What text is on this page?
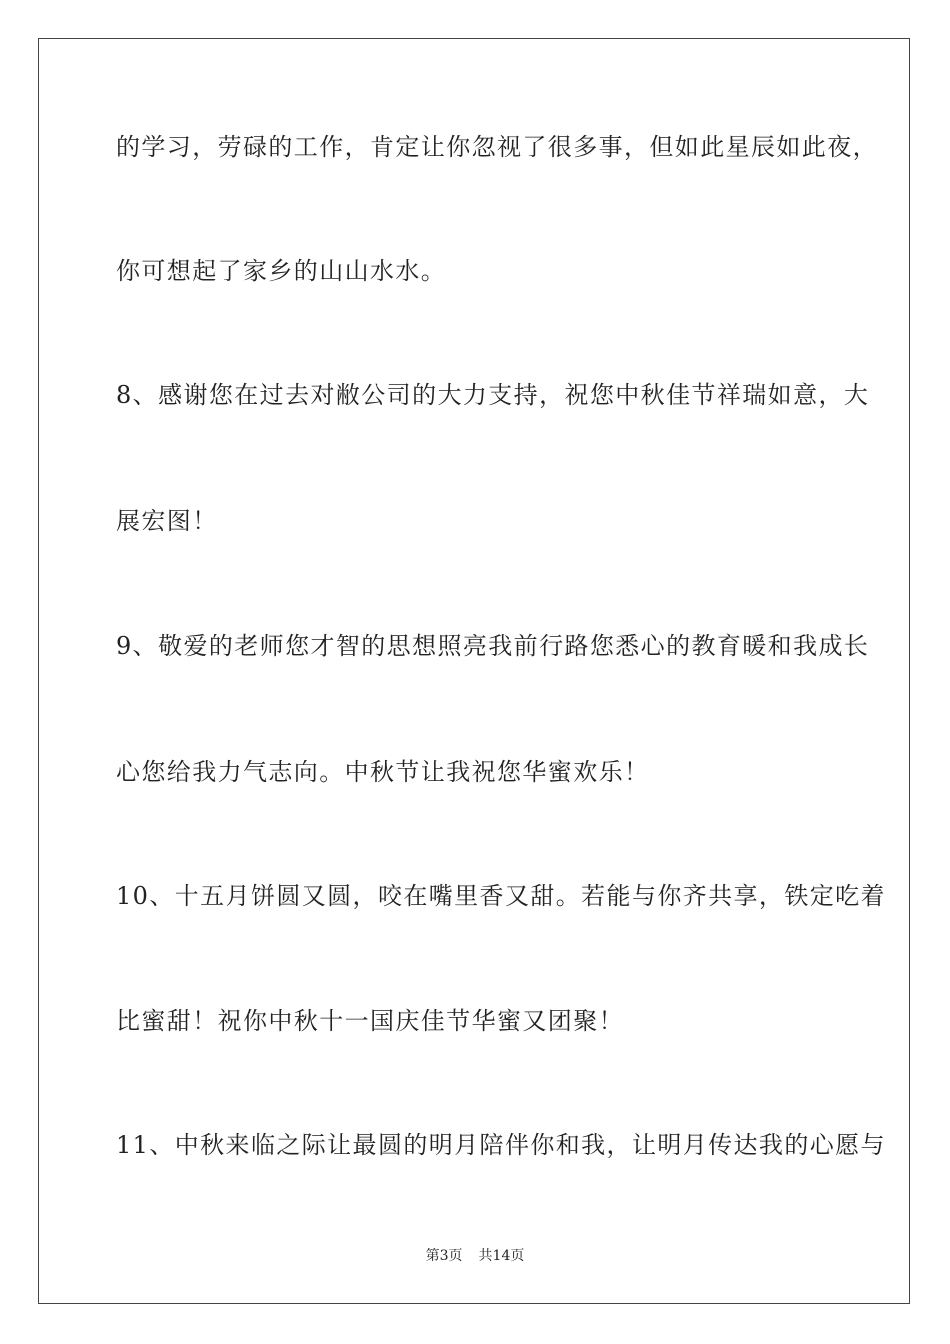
的学习，劳碌的工作，肯定让你忽视了很多事，但如此星辰如此夜，
你可想起了家乡的山山水水。
8、感谢您在过去对敝公司的大力支持，祝您中秋佳节祥瑞如意，大
展宏图！
9、敬爱的老师您才智的思想照亮我前行路您悉心的教育暖和我成长
心您给我力气志向。中秋节让我祝您华蜜欢乐！
10、十五月饼圆又圆，咬在嘴里香又甜。若能与你齐共享，铁定吃着
比蜜甜！祝你中秋十一国庆佳节华蜜又团聚！
11、中秋来临之际让最圆的明月陪伴你和我，让明月传达我的心愿与
第3页 共14页
